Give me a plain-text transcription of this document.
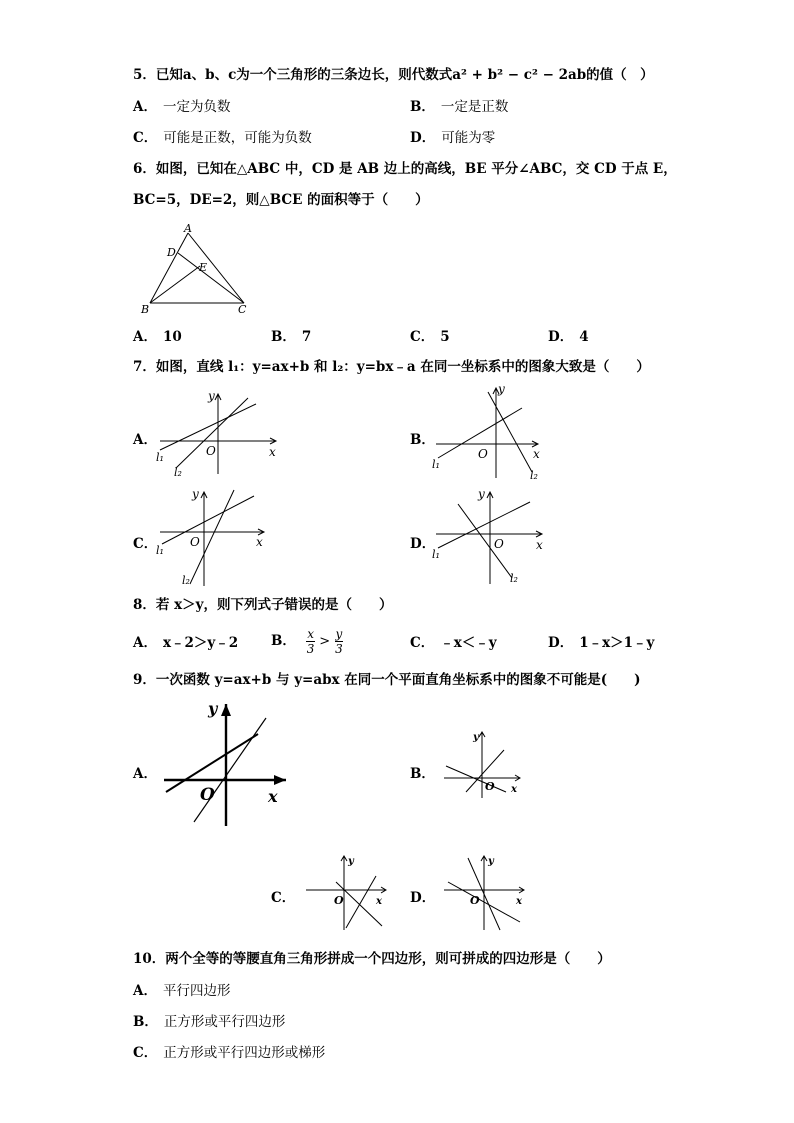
5．已知a、b、c为一个三角形的三条边长，则代数式a² + b² − c² − 2ab的值（　）
A． 一定为负数	B． 一定是正数
C． 可能是正数，可能为负数	D． 可能为零
6．如图，已知在△ABC 中，CD 是 AB 边上的高线，BE 平分∠ABC，交 CD 于点 E，
BC=5，DE=2，则△BCE 的面积等于（　　）
A
D
E
B	C
A． 10	B． 7	C． 5	D． 4
7．如图，直线 l₁：y=ax+b 和 l₂：y=bx﹣a 在同一坐标系中的图象大致是（　　）
A．
x
y
O
l₁
l₂
B．
x
y
O
l₁
l₂
C．	x
y
O
l₁
l₂
D．	x
y
O
l₁
l₂
8．若 x＞y，则下列式子错误的是（　　）
A． x﹣2＞y﹣2 B． $\frac{x}{3} > \frac{y}{3}$	C． ﹣x＜﹣y	D． 1﹣x＞1﹣y
9．一次函数 y=ax+b 与 y=abx 在同一个平面直角坐标系中的图象不可能是(　　)
A．
y
O	x
B．
y
O x
C．
y
O	x D．
y
O	x
10．两个全等的等腰直角三角形拼成一个四边形，则可拼成的四边形是（　　）
A． 平行四边形
B． 正方形或平行四边形
C． 正方形或平行四边形或梯形
